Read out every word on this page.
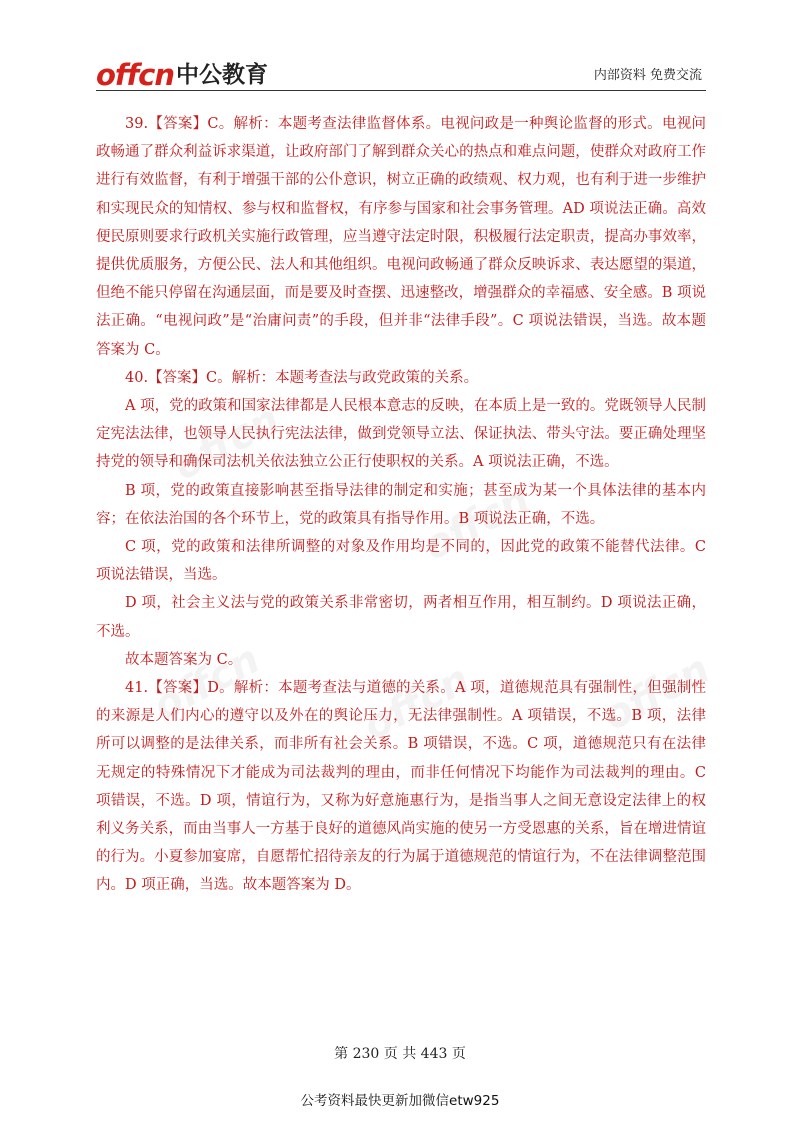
offcn 中公教育	内部资料 免费交流

39.【答案】C。解析：本题考查法律监督体系。电视问政是一种舆论监督的形式。电视问政畅通了群众利益诉求渠道，让政府部门了解到群众关心的热点和难点问题，使群众对政府工作进行有效监督，有利于增强干部的公仆意识，树立正确的政绩观、权力观，也有利于进一步维护和实现民众的知情权、参与权和监督权，有序参与国家和社会事务管理。AD 项说法正确。高效便民原则要求行政机关实施行政管理，应当遵守法定时限，积极履行法定职责，提高办事效率，提供优质服务，方便公民、法人和其他组织。电视问政畅通了群众反映诉求、表达愿望的渠道，但绝不能只停留在沟通层面，而是要及时查摆、迅速整改，增强群众的幸福感、安全感。B 项说法正确。“电视问政”是“治庸问责”的手段，但并非“法律手段”。C 项说法错误，当选。故本题答案为 C。

40.【答案】C。解析：本题考查法与政党政策的关系。

A 项，党的政策和国家法律都是人民根本意志的反映，在本质上是一致的。党既领导人民制定宪法法律，也领导人民执行宪法法律，做到党领导立法、保证执法、带头守法。要正确处理坚持党的领导和确保司法机关依法独立公正行使职权的关系。A 项说法正确，不选。

B 项，党的政策直接影响甚至指导法律的制定和实施；甚至成为某一个具体法律的基本内容；在依法治国的各个环节上，党的政策具有指导作用。B 项说法正确，不选。

C 项，党的政策和法律所调整的对象及作用均是不同的，因此党的政策不能替代法律。C 项说法错误，当选。

D 项，社会主义法与党的政策关系非常密切，两者相互作用，相互制约。D 项说法正确，不选。

故本题答案为 C。

41.【答案】D。解析：本题考查法与道德的关系。A 项，道德规范具有强制性，但强制性的来源是人们内心的遵守以及外在的舆论压力，无法律强制性。A 项错误，不选。B 项，法律所可以调整的是法律关系，而非所有社会关系。B 项错误，不选。C 项，道德规范只有在法律无规定的特殊情况下才能成为司法裁判的理由，而非任何情况下均能作为司法裁判的理由。C 项错误，不选。D 项，情谊行为，又称为好意施惠行为，是指当事人之间无意设定法律上的权利义务关系，而由当事人一方基于良好的道德风尚实施的使另一方受恩惠的关系，旨在增进情谊的行为。小夏参加宴席，自愿帮忙招待亲友的行为属于道德规范的情谊行为，不在法律调整范围内。D 项正确，当选。故本题答案为 D。

第 230 页 共 443 页
公考资料最快更新加微信etw925
